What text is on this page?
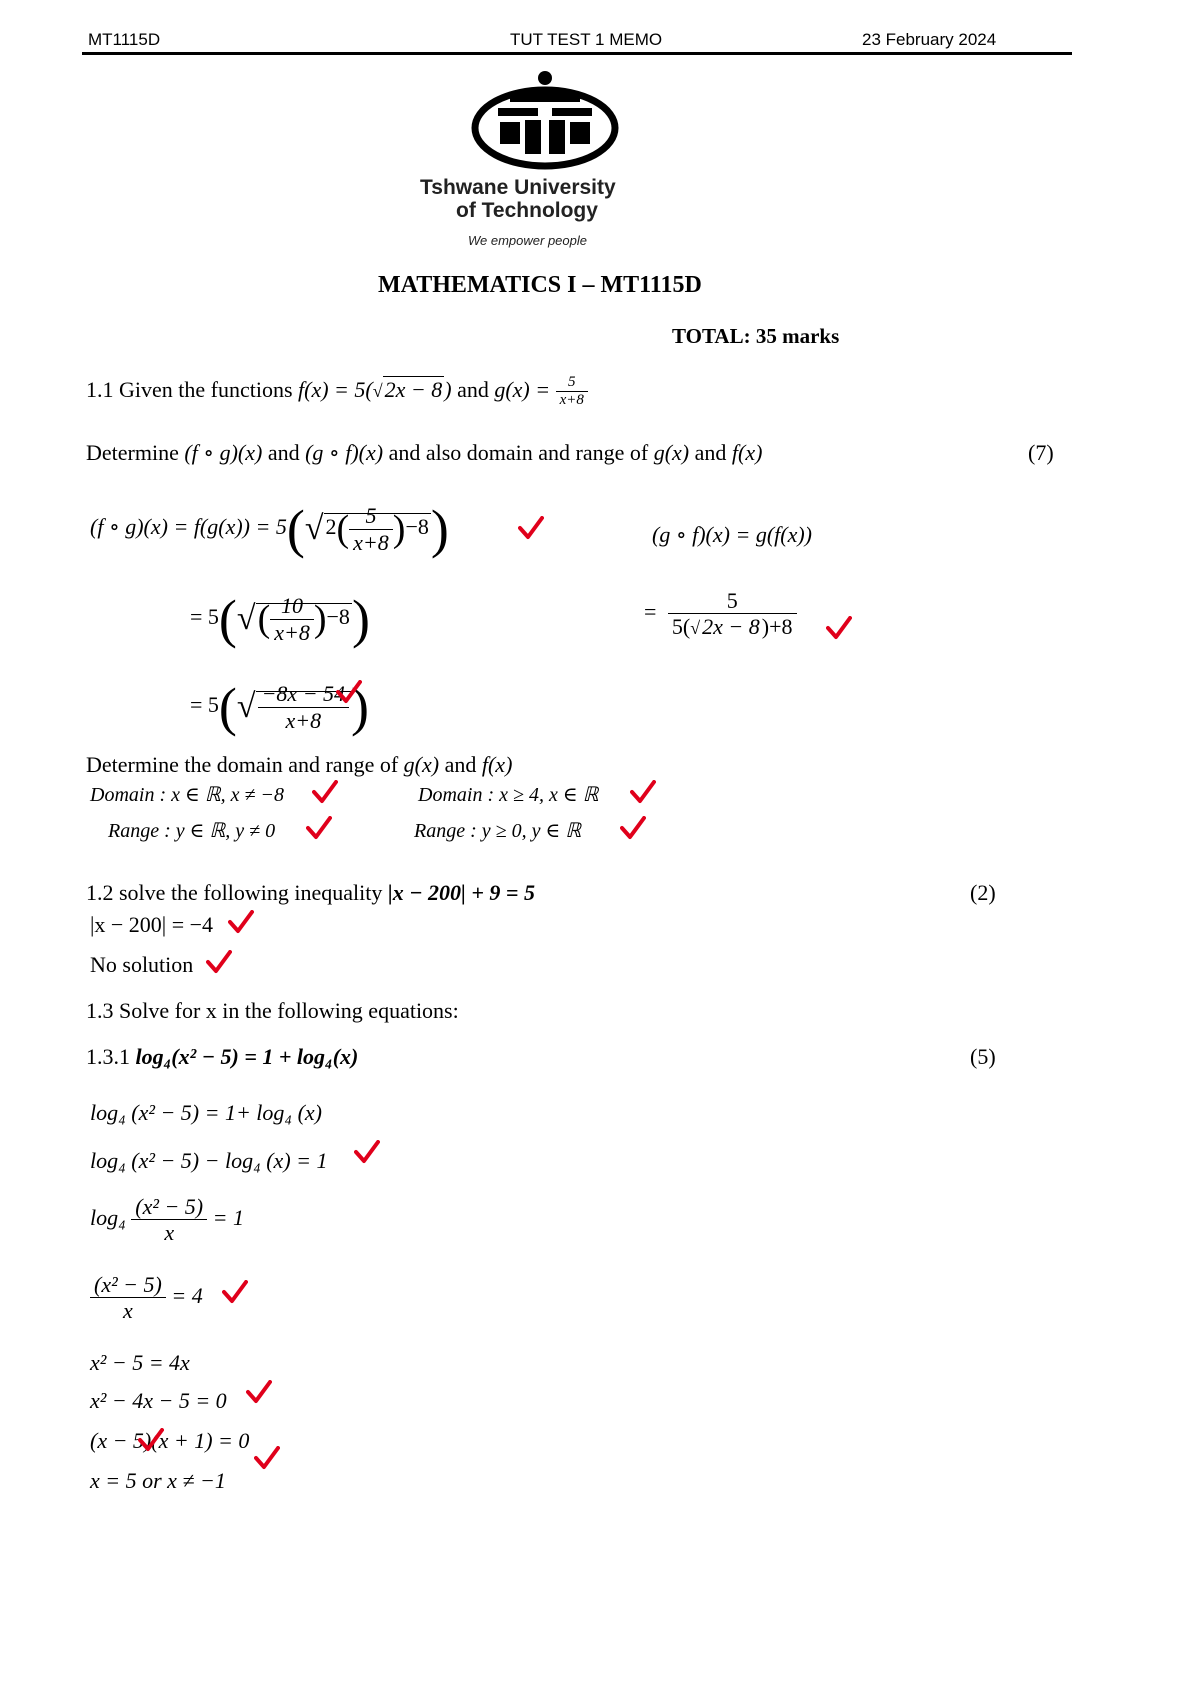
MT1115D	TUT TEST 1 MEMO	23 February 2024
Tshwane University
of Technology
We empower people
MATHEMATICS I – MT1115D
TOTAL: 35 marks
1.1 Given the functions f(x) = 5(√2x − 8) and $g(x) = \frac{5}{x+8}$
Determine (f ∘ g)(x) and (g ∘ f)(x) and also domain and range of g(x) and f(x)	(7)
(f ∘ $g)(x) = f(g(x)) = 5(√2( \frac{5}{x+8} )-8)$
= $5(√( \frac{10}{x+8} )-8)$
= $5(√ \frac{-8x - 54}{x+8}$ )
(g ∘ f)(x) = g(f(x))
= $\frac{5}{5(√2x - 8)+8}$
Determine the domain and range of g(x) and f(x)
Domain : x ∈ ℝ, x ≠ −8
Range : y ∈ ℝ, y ≠ 0
Domain : x ≥ 4, x ∈ ℝ
Range : y ≥ 0, y ∈ ℝ
1.2 solve the following inequality |x − 200| + 9 = 5	(2)
|x − 200| = −4
No solution
1.3 Solve for x in the following equations:
1.3.1 log₄(x² − 5) = 1 + log₄(x)	(5)
log₄ (x² − 5) = 1+ log₄ (x)
log₄ (x² − 5) − log₄ (x) = 1
$\log_4 \frac{\text{(x² − 5)}}{x} = 1$
$\frac{\text{(x² − 5)}}{x} = 4$
x² − 5 = 4x
x² − 4x − 5 = 0
(x − 5)(x + 1) = 0
x = 5 or x ≠ −1
